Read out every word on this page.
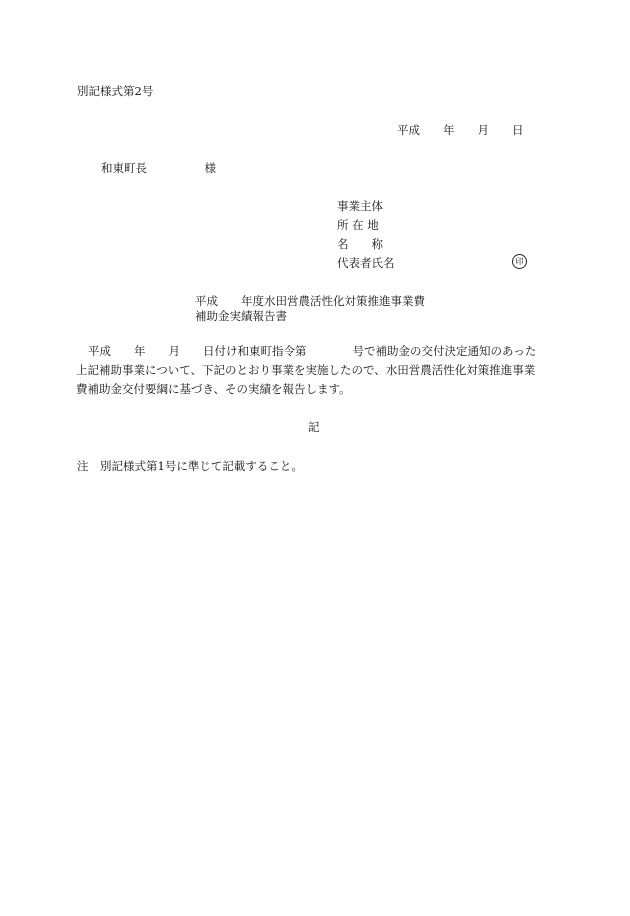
別記様式第2号

平成　　年　　月　　日

和東町長　　　　　様

事業主体

所 在 地

名　　称

代表者氏名	印

平成　　年度水田営農活性化対策推進事業費

補助金実績報告書

平成　　年　　月　　日付け和東町指令第　　　　号で補助金の交付決定通知のあった
上記補助事業について、下記のとおり事業を実施したので、水田営農活性化対策推進事業
費補助金交付要綱に基づき、その実績を報告します。

記

注　別記様式第1号に準じて記載すること。
